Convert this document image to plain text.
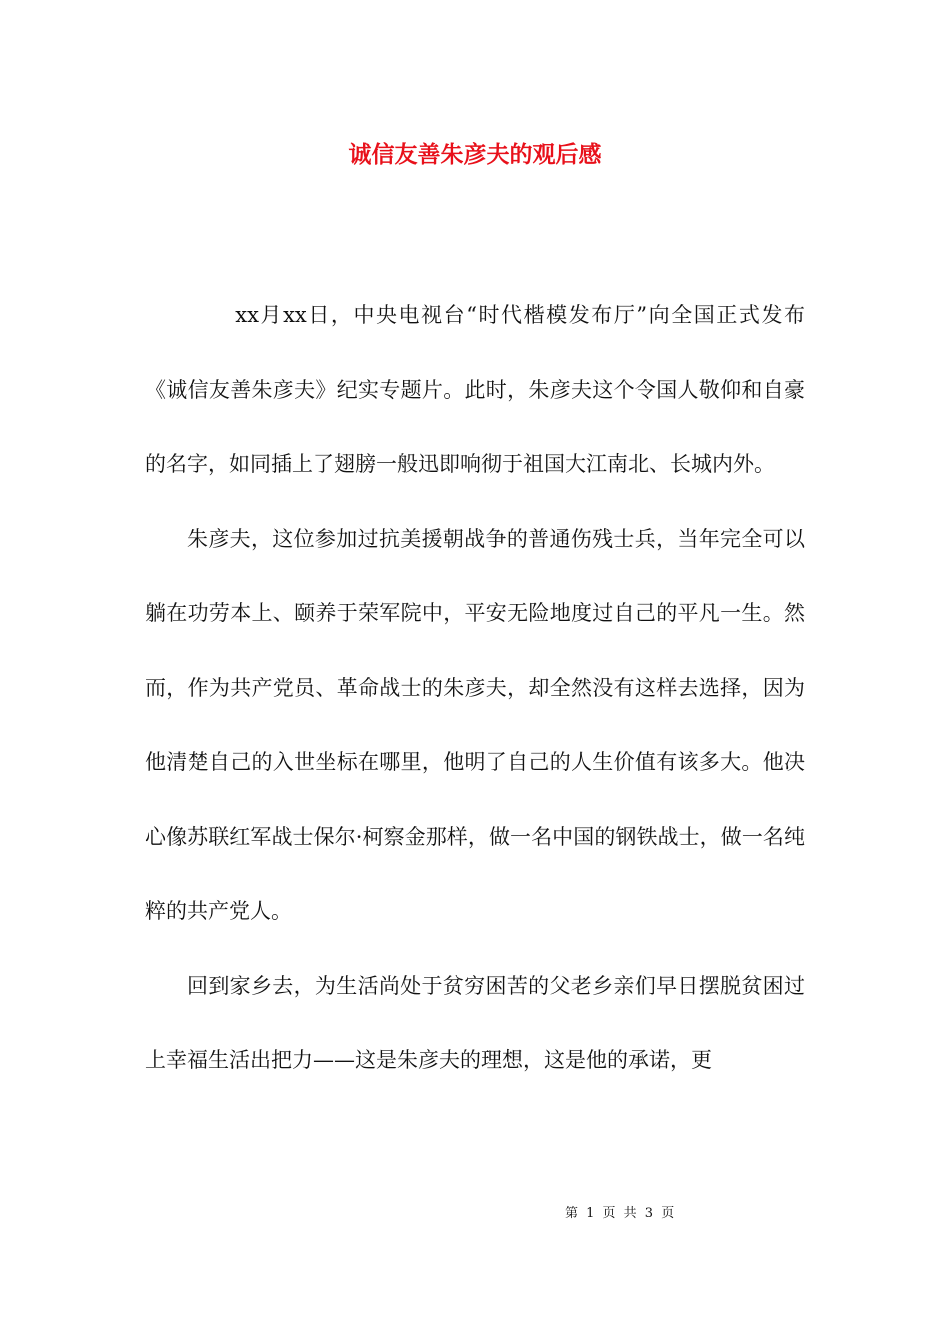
诚信友善朱彦夫的观后感

xx月xx日，中央电视台“时代楷模发布厅”向全国正式发布《诚信友善朱彦夫》纪实专题片。此时，朱彦夫这个令国人敬仰和自豪的名字，如同插上了翅膀一般迅即响彻于祖国大江南北、长城内外。

朱彦夫，这位参加过抗美援朝战争的普通伤残士兵，当年完全可以躺在功劳本上、颐养于荣军院中，平安无险地度过自己的平凡一生。然而，作为共产党员、革命战士的朱彦夫，却全然没有这样去选择，因为他清楚自己的入世坐标在哪里，他明了自己的人生价值有该多大。他决心像苏联红军战士保尔·柯察金那样，做一名中国的钢铁战士，做一名纯粹的共产党人。

回到家乡去，为生活尚处于贫穷困苦的父老乡亲们早日摆脱贫困过上幸福生活出把力——这是朱彦夫的理想，这是他的承诺，更

第 1 页 共 3 页
